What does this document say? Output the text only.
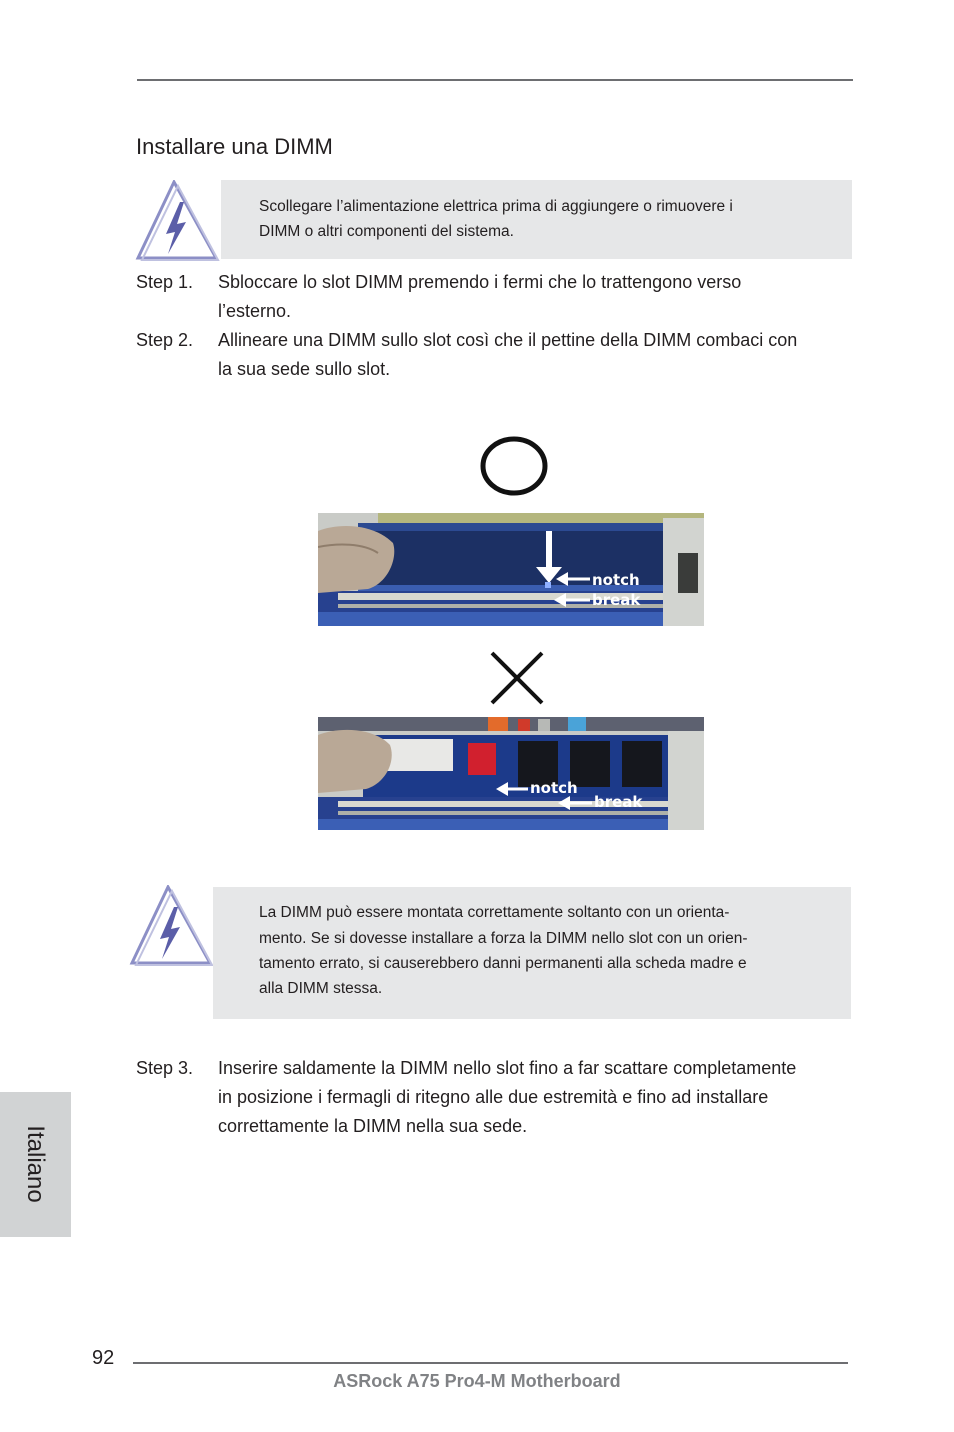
Installare una DIMM
Scollegare l’alimentazione elettrica prima di aggiungere o rimuovere i
DIMM o altri componenti del sistema.
Step 1. Sbloccare lo slot DIMM premendo i fermi che lo trattengono verso
l’esterno.
Step 2. Allineare una DIMM sullo slot così che il pettine della DIMM combaci con
la sua sede sullo slot.
notch
break
notch
break
La DIMM può essere montata correttamente soltanto con un orienta-
mento. Se si dovesse installare a forza la DIMM nello slot con un orien-
tamento errato, si causerebbero danni permanenti alla scheda madre e
alla DIMM stessa.
Step 3. Inserire saldamente la DIMM nello slot fino a far scattare completamente
in posizione i fermagli di ritegno alle due estremità e fino ad installare
correttamente la DIMM nella sua sede.
Italiano
92
ASRock A75 Pro4-M Motherboard
